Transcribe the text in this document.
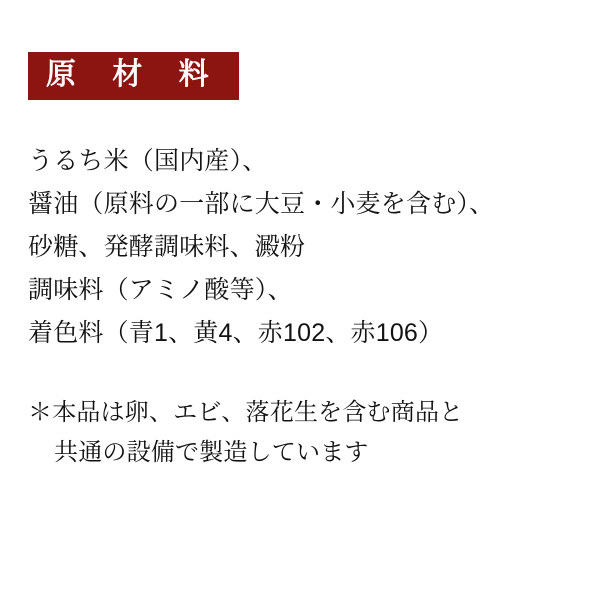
原 材 料
うるち米（国内産）、
醤油（原料の一部に大豆・小麦を含む）、
砂糖、発酵調味料、澱粉
調味料（アミノ酸等）、
着色料（青1、黄4、赤102、赤106）
＊本品は卵、エビ、落花生を含む商品と
共通の設備で製造しています
